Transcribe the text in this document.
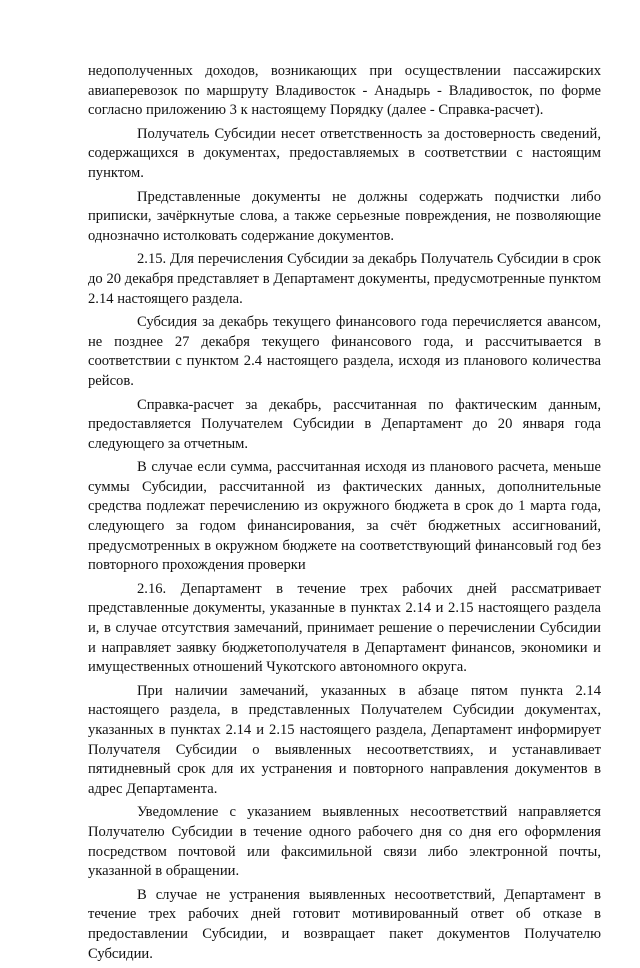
недополученных доходов, возникающих при осуществлении пассажирских авиаперевозок по маршруту Владивосток - Анадырь - Владивосток, по форме согласно приложению 3 к настоящему Порядку (далее - Справка-расчет).

Получатель Субсидии несет ответственность за достоверность сведений, содержащихся в документах, предоставляемых в соответствии с настоящим пунктом.

Представленные документы не должны содержать подчистки либо приписки, зачёркнутые слова, а также серьезные повреждения, не позволяющие однозначно истолковать содержание документов.

2.15. Для перечисления Субсидии за декабрь Получатель Субсидии в срок до 20 декабря представляет в Департамент документы, предусмотренные пунктом 2.14 настоящего раздела.

Субсидия за декабрь текущего финансового года перечисляется авансом, не позднее 27 декабря текущего финансового года, и рассчитывается в соответствии с пунктом 2.4 настоящего раздела, исходя из планового количества рейсов.

Справка-расчет за декабрь, рассчитанная по фактическим данным, предоставляется Получателем Субсидии в Департамент до 20 января года следующего за отчетным.

В случае если сумма, рассчитанная исходя из планового расчета, меньше суммы Субсидии, рассчитанной из фактических данных, дополнительные средства подлежат перечислению из окружного бюджета в срок до 1 марта года, следующего за годом финансирования, за счёт бюджетных ассигнований, предусмотренных в окружном бюджете на соответствующий финансовый год без повторного прохождения проверки

2.16. Департамент в течение трех рабочих дней рассматривает представленные документы, указанные в пунктах 2.14 и 2.15 настоящего раздела и, в случае отсутствия замечаний, принимает решение о перечислении Субсидии и направляет заявку бюджетополучателя в Департамент финансов, экономики и имущественных отношений Чукотского автономного округа.

При наличии замечаний, указанных в абзаце пятом пункта 2.14 настоящего раздела, в представленных Получателем Субсидии документах, указанных в пунктах 2.14 и 2.15 настоящего раздела, Департамент информирует Получателя Субсидии о выявленных несоответствиях, и устанавливает пятидневный срок для их устранения и повторного направления документов в адрес Департамента.

Уведомление с указанием выявленных несоответствий направляется Получателю Субсидии в течение одного рабочего дня со дня его оформления посредством почтовой или факсимильной связи либо электронной почты, указанной в обращении.

В случае не устранения выявленных несоответствий, Департамент в течение трех рабочих дней готовит мотивированный ответ об отказе в предоставлении Субсидии, и возвращает пакет документов Получателю Субсидии.
